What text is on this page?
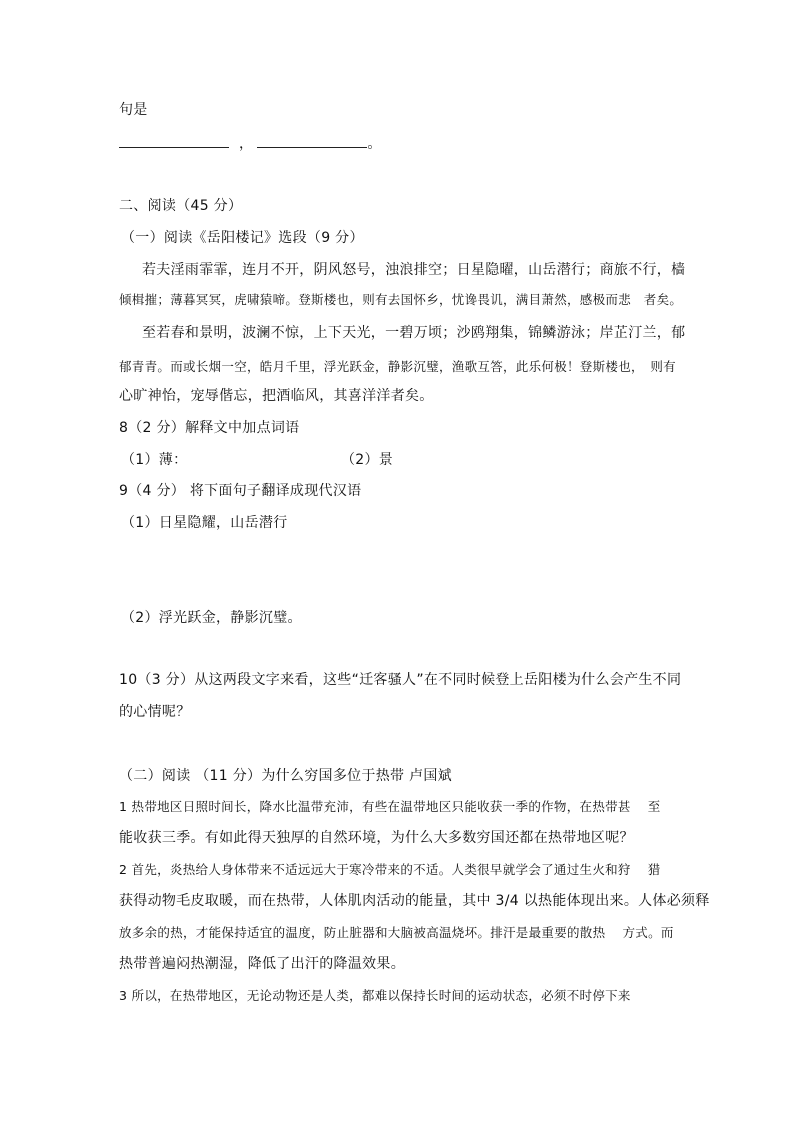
句是
，	。
二、阅读（45 分）
（一）阅读《岳阳楼记》选段（9 分）
若夫淫雨霏霏，连月不开，阴风怒号，浊浪排空；日星隐曜，山岳潜行；商旅不行，樯
倾楫摧；薄暮冥冥，虎啸猿啼。登斯楼也，则有去国怀乡，忧谗畏讥，满目萧然，感极而悲　者矣。
至若春和景明，波澜不惊，上下天光，一碧万顷；沙鸥翔集，锦鳞游泳；岸芷汀兰，郁
郁青青。而或长烟一空，皓月千里，浮光跃金，静影沉璧，渔歌互答，此乐何极！登斯楼也，　则有
心旷神怡，宠辱偕忘，把酒临风，其喜洋洋者矣。
8（2 分）解释文中加点词语
（1）薄：	（2）景
9（4 分） 将下面句子翻译成现代汉语
（1）日星隐耀，山岳潜行
（2）浮光跃金，静影沉璧。
10（3 分）从这两段文字来看，这些“迁客骚人”在不同时候登上岳阳楼为什么会产生不同
的心情呢？
（二）阅读 （11 分）为什么穷国多位于热带 卢国斌
1 热带地区日照时间长，降水比温带充沛，有些在温带地区只能收获一季的作物，在热带甚　 至
能收获三季。有如此得天独厚的自然环境，为什么大多数穷国还都在热带地区呢？
2 首先，炎热给人身体带来不适远远大于寒冷带来的不适。人类很早就学会了通过生火和狩　 猎
获得动物毛皮取暖，而在热带，人体肌肉活动的能量，其中 3/4 以热能体现出来。人体必须释
放多余的热，才能保持适宜的温度，防止脏器和大脑被高温烧坏。排汗是最重要的散热　 方式。而
热带普遍闷热潮湿，降低了出汗的降温效果。
3 所以，在热带地区，无论动物还是人类，都难以保持长时间的运动状态，必须不时停下来
